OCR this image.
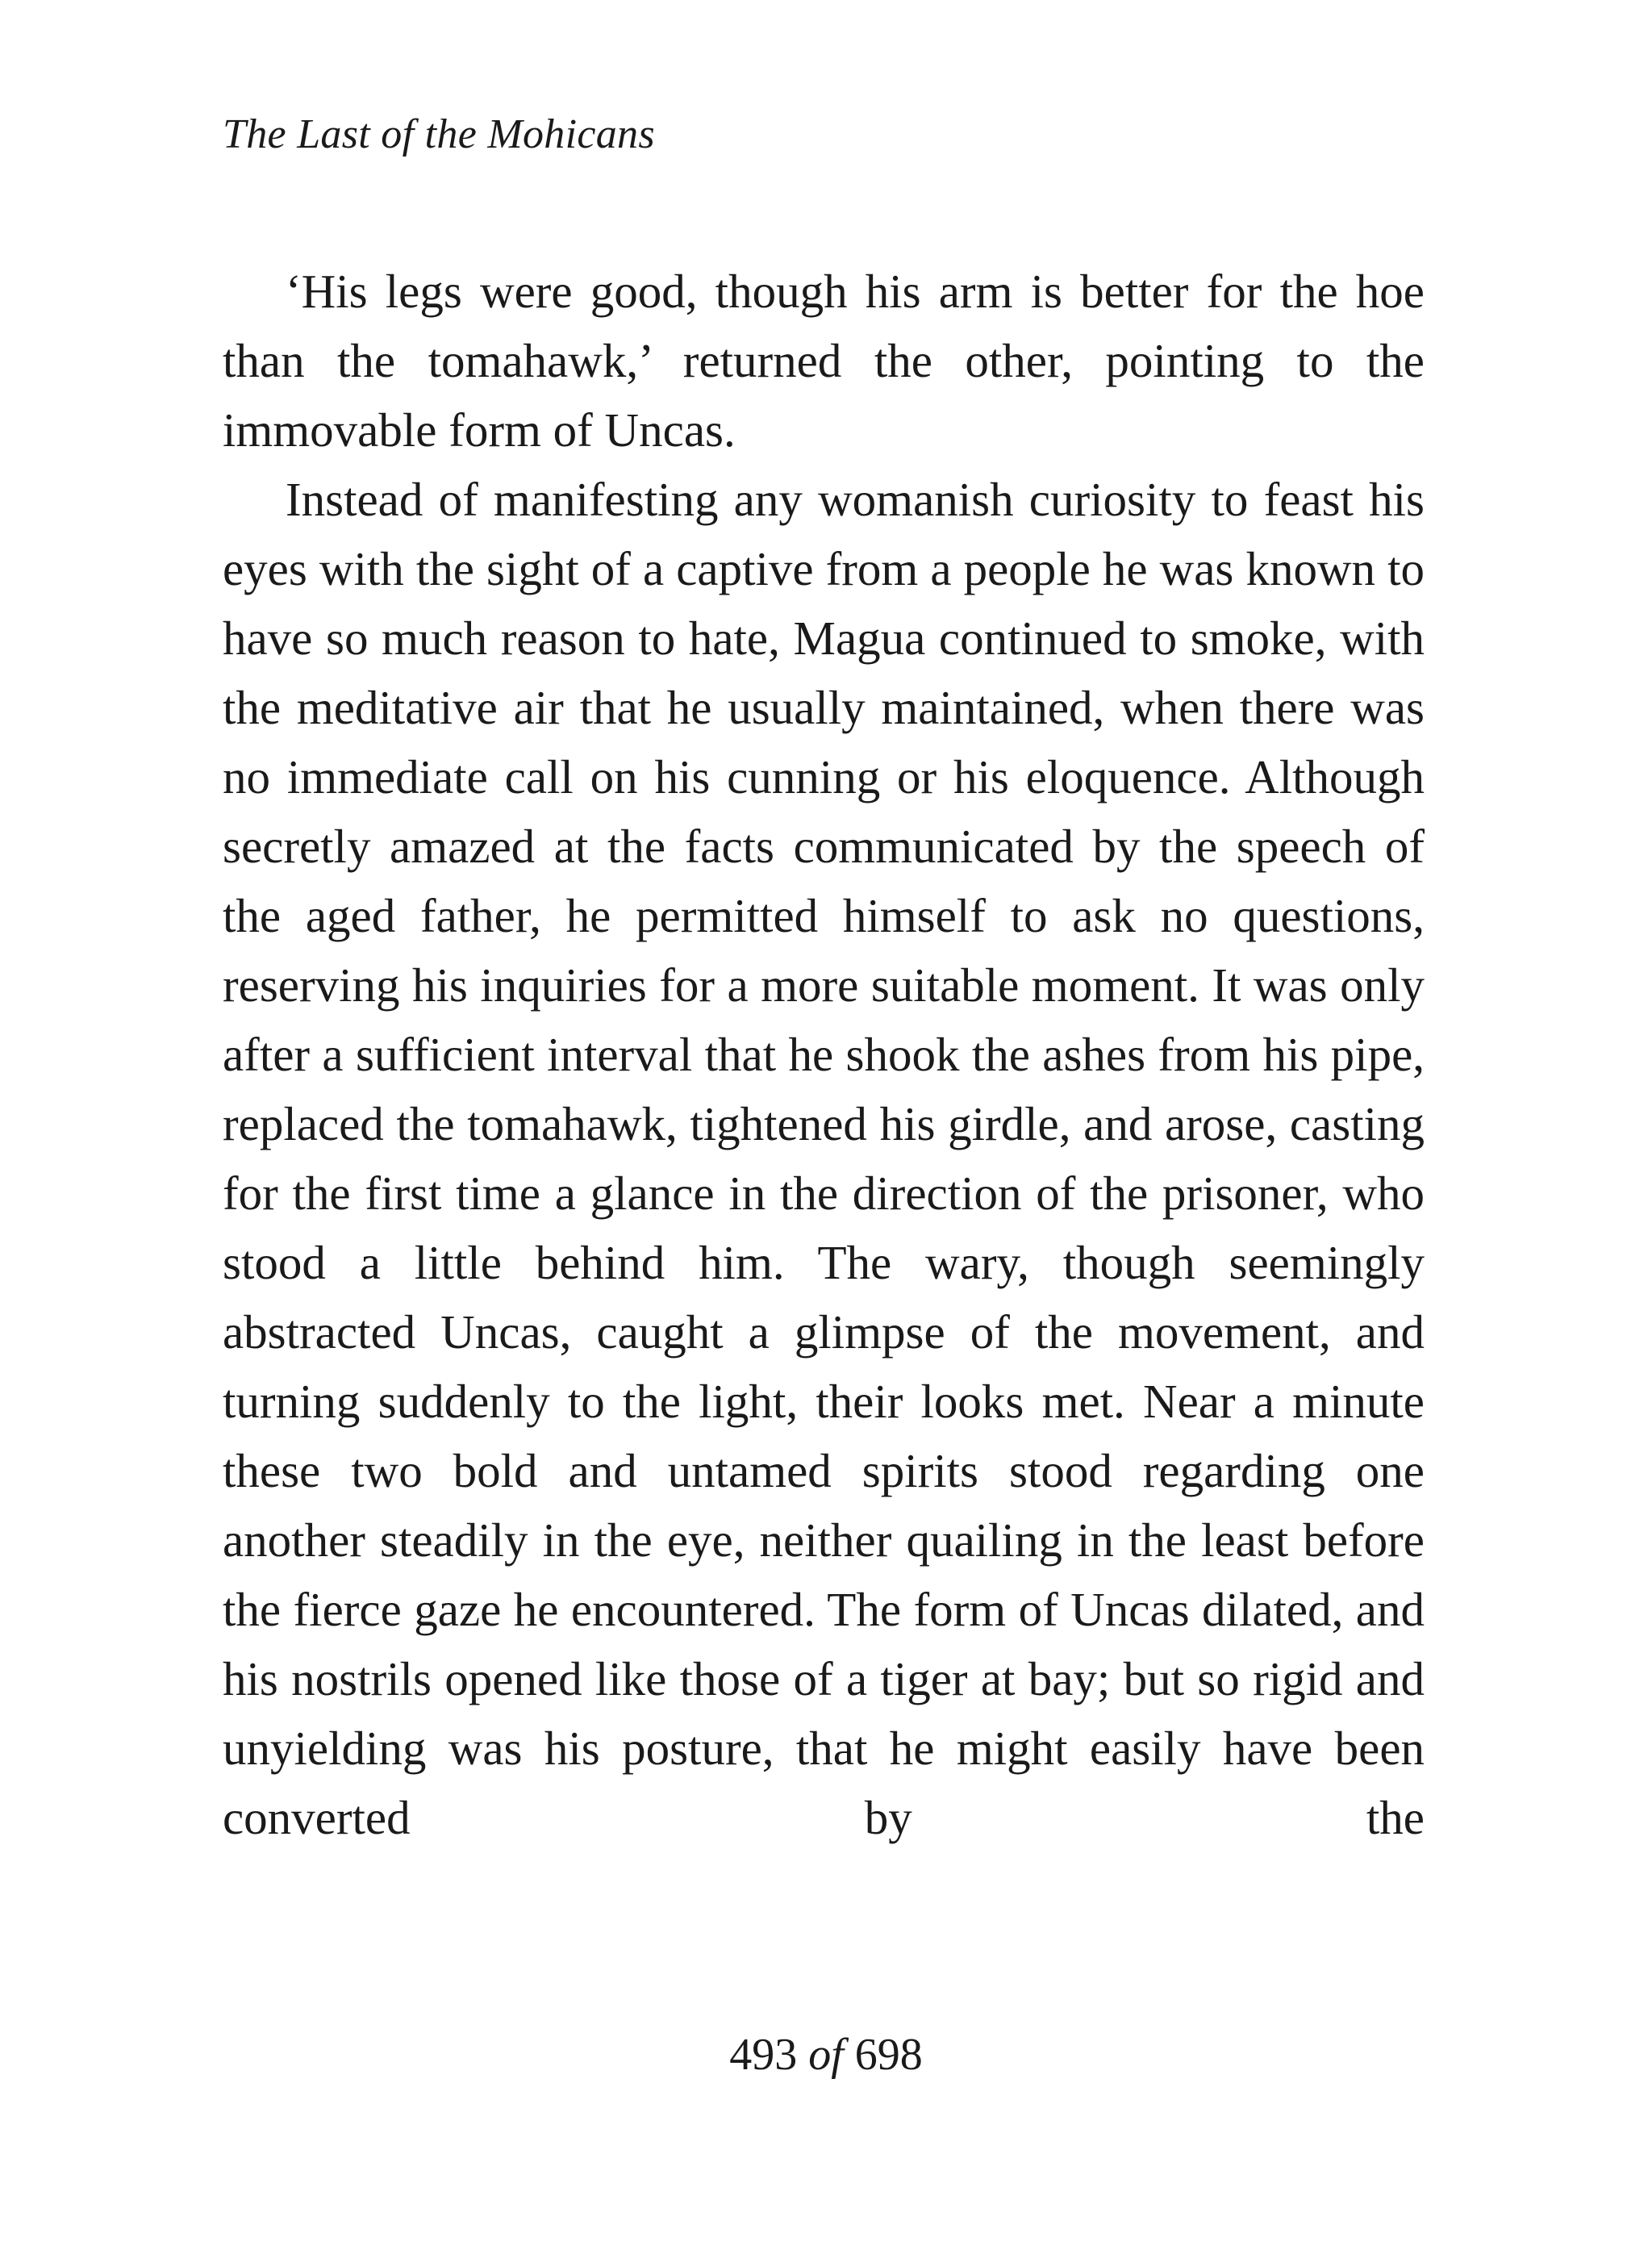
The Last of the Mohicans

‘His legs were good, though his arm is better for the hoe than the tomahawk,’ returned the other, pointing to the immovable form of Uncas.

Instead of manifesting any womanish curiosity to feast his eyes with the sight of a captive from a people he was known to have so much reason to hate, Magua continued to smoke, with the meditative air that he usually maintained, when there was no immediate call on his cunning or his eloquence. Although secretly amazed at the facts communicated by the speech of the aged father, he permitted himself to ask no questions, reserving his inquiries for a more suitable moment. It was only after a sufficient interval that he shook the ashes from his pipe, replaced the tomahawk, tightened his girdle, and arose, casting for the first time a glance in the direction of the prisoner, who stood a little behind him. The wary, though seemingly abstracted Uncas, caught a glimpse of the movement, and turning suddenly to the light, their looks met. Near a minute these two bold and untamed spirits stood regarding one another steadily in the eye, neither quailing in the least before the fierce gaze he encountered. The form of Uncas dilated, and his nostrils opened like those of a tiger at bay; but so rigid and unyielding was his posture, that he might easily have been converted by the

493 of 698
